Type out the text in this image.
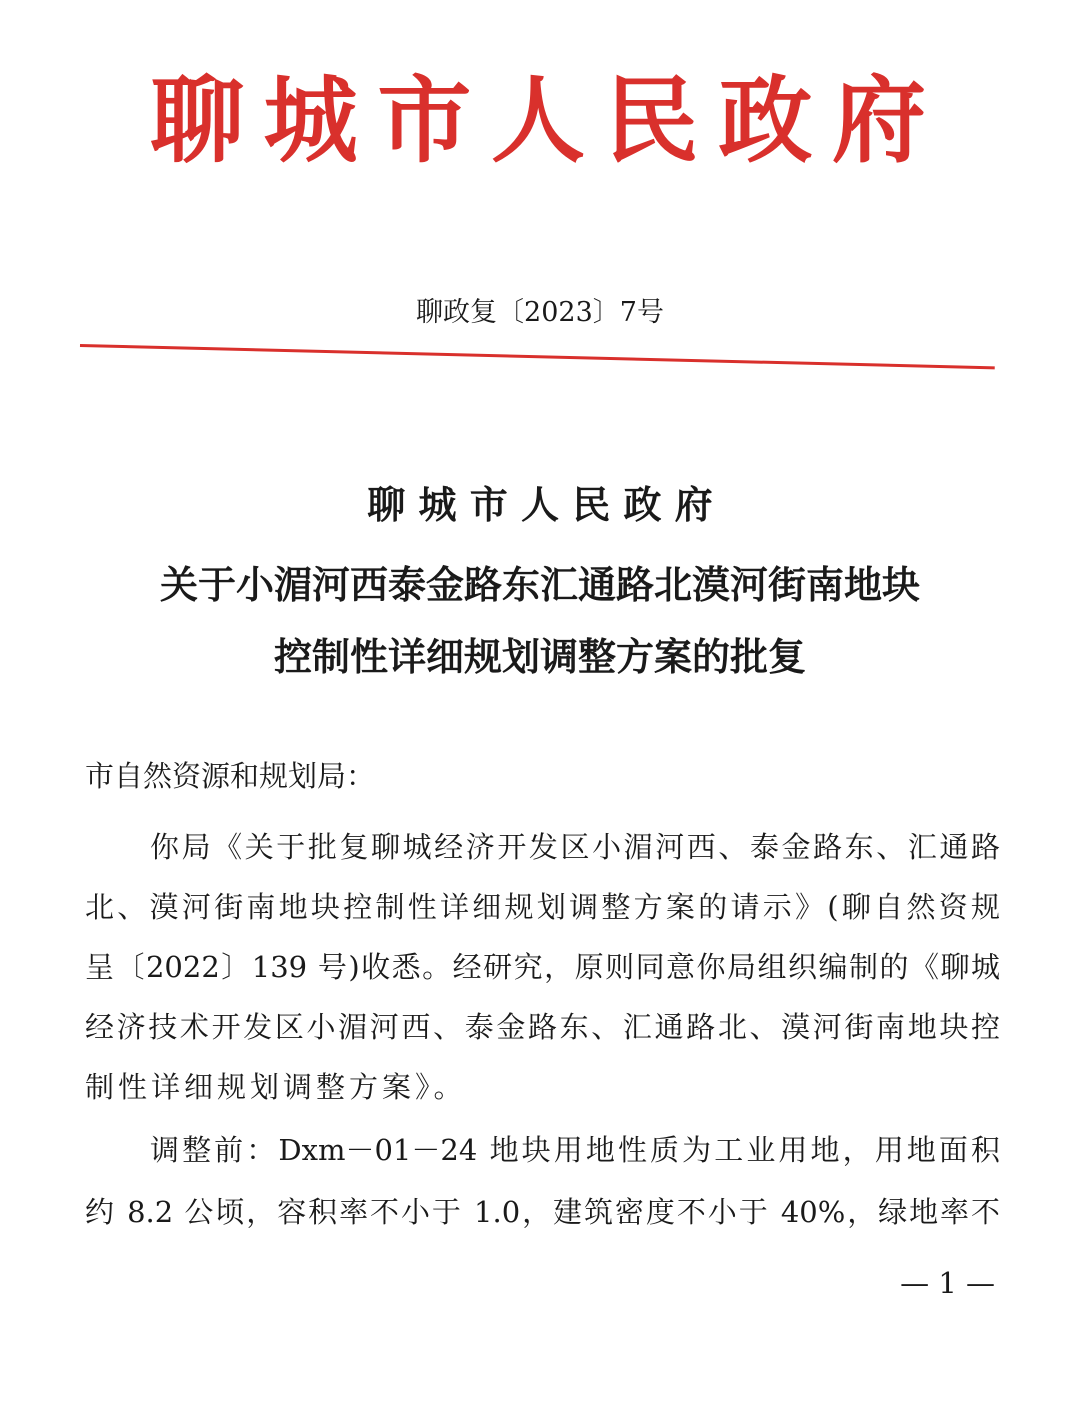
聊城市人民政府
聊政复〔2023〕7号
聊 城 市 人 民 政 府
关于小湄河西泰金路东汇通路北漠河街南地块
控制性详细规划调整方案的批复
市自然资源和规划局：
你局《关于批复聊城经济开发区小湄河西、泰金路东、汇通路
北、漠河街南地块控制性详细规划调整方案的请示》(聊自然资规
呈〔2022〕139 号)收悉。经研究，原则同意你局组织编制的《聊城
经济技术开发区小湄河西、泰金路东、汇通路北、漠河街南地块控
制性详细规划调整方案》。
调整前：Dxm－01－24 地块用地性质为工业用地，用地面积
约 8.2 公顷，容积率不小于 1.0，建筑密度不小于 40%，绿地率不
— 1 —
